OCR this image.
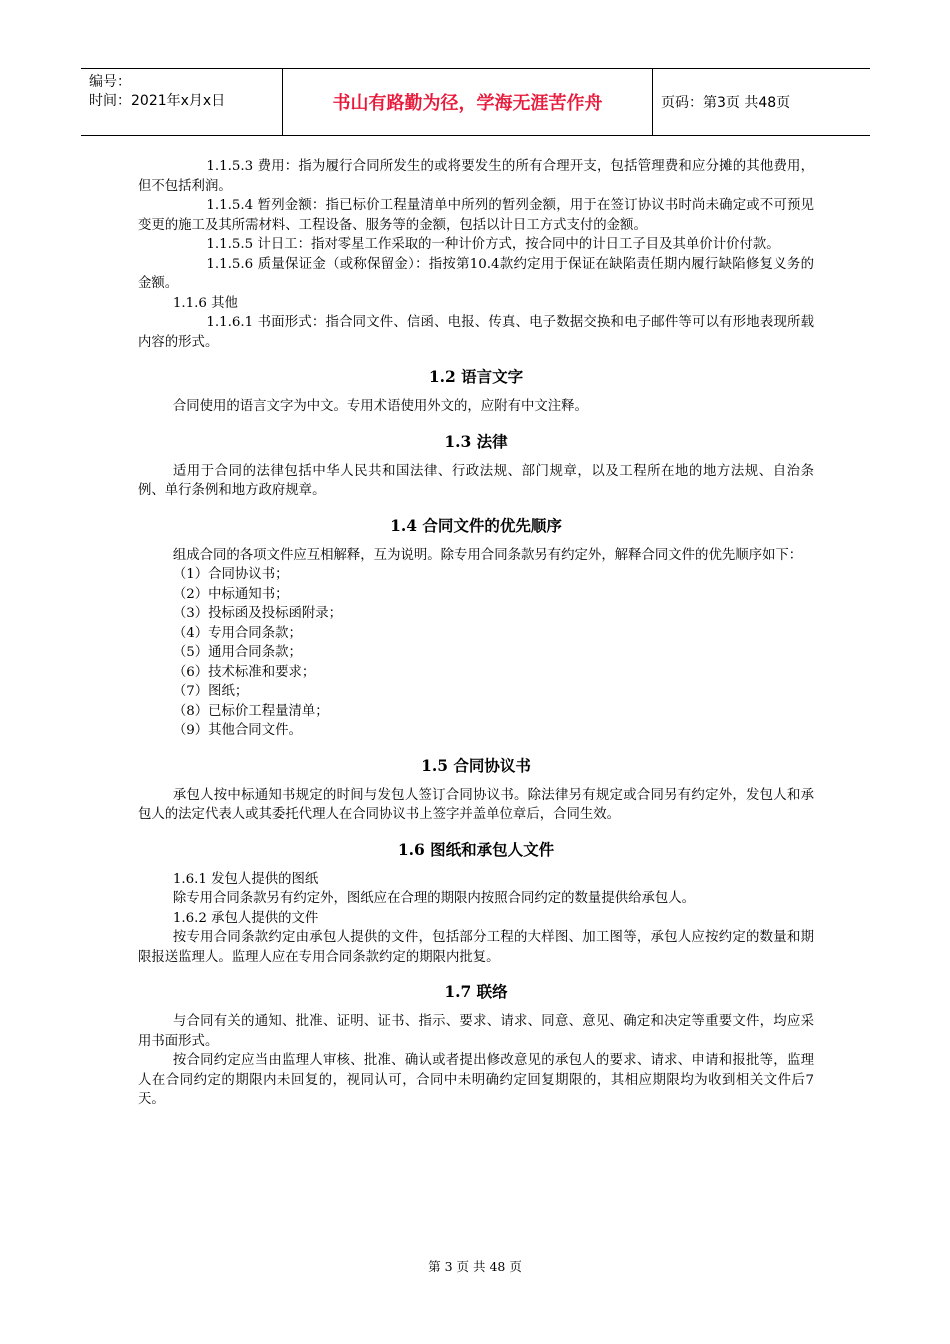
编号：
时间：2021年x月x日	书山有路勤为径，学海无涯苦作舟	页码：第3页 共48页

1.1.5.3 费用：指为履行合同所发生的或将要发生的所有合理开支，包括管理费和应分摊的其他费用，但不包括利润。

1.1.5.4 暂列金额：指已标价工程量清单中所列的暂列金额，用于在签订协议书时尚未确定或不可预见变更的施工及其所需材料、工程设备、服务等的金额，包括以计日工方式支付的金额。

1.1.5.5 计日工：指对零星工作采取的一种计价方式，按合同中的计日工子目及其单价计价付款。

1.1.5.6 质量保证金（或称保留金）：指按第10.4款约定用于保证在缺陷责任期内履行缺陷修复义务的金额。

1.1.6 其他

1.1.6.1 书面形式：指合同文件、信函、电报、传真、电子数据交换和电子邮件等可以有形地表现所载内容的形式。

1.2 语言文字

合同使用的语言文字为中文。专用术语使用外文的，应附有中文注释。

1.3 法律

适用于合同的法律包括中华人民共和国法律、行政法规、部门规章，以及工程所在地的地方法规、自治条例、单行条例和地方政府规章。

1.4 合同文件的优先顺序

组成合同的各项文件应互相解释，互为说明。除专用合同条款另有约定外，解释合同文件的优先顺序如下：

（1）合同协议书；

（2）中标通知书；

（3）投标函及投标函附录；

（4）专用合同条款；

（5）通用合同条款；

（6）技术标准和要求；

（7）图纸；

（8）已标价工程量清单；

（9）其他合同文件。

1.5 合同协议书

承包人按中标通知书规定的时间与发包人签订合同协议书。除法律另有规定或合同另有约定外，发包人和承包人的法定代表人或其委托代理人在合同协议书上签字并盖单位章后，合同生效。

1.6 图纸和承包人文件

1.6.1 发包人提供的图纸

除专用合同条款另有约定外，图纸应在合理的期限内按照合同约定的数量提供给承包人。

1.6.2 承包人提供的文件

按专用合同条款约定由承包人提供的文件，包括部分工程的大样图、加工图等，承包人应按约定的数量和期限报送监理人。监理人应在专用合同条款约定的期限内批复。

1.7 联络

与合同有关的通知、批准、证明、证书、指示、要求、请求、同意、意见、确定和决定等重要文件，均应采用书面形式。

按合同约定应当由监理人审核、批准、确认或者提出修改意见的承包人的要求、请求、申请和报批等，监理人在合同约定的期限内未回复的，视同认可，合同中未明确约定回复期限的，其相应期限均为收到相关文件后7天。

第 3 页 共 48 页
